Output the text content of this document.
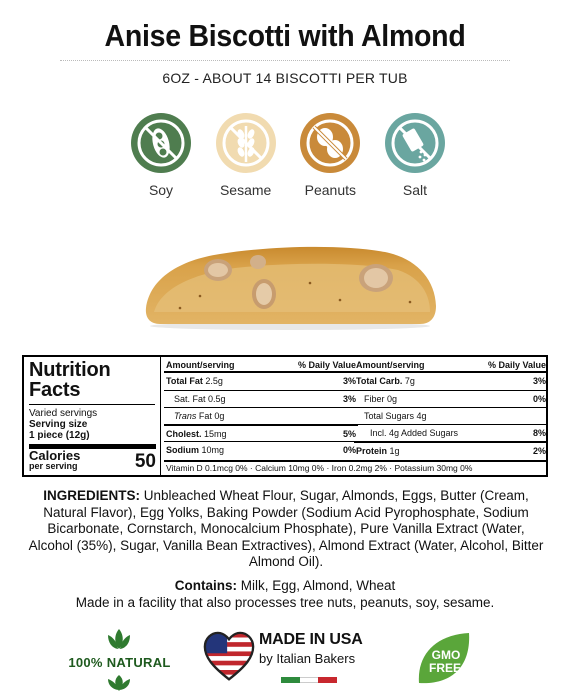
Anise Biscotti with Almond
6OZ - ABOUT 14 BISCOTTI PER TUB
Soy	Sesame Peanuts	Salt
Nutrition
Facts
Varied servings
Serving size
1 piece (12g)
Calories
per serving	50
Amount/serving	% Daily Value
Total Fat 2.5g	3%
Sat. Fat 0.5g	3%
Trans Fat 0g
Cholest. 15mg	5%
Sodium 10mg	0%
Amount/serving	% Daily Value
Total Carb. 7g	3%
Fiber 0g	0%
Total Sugars 4g
Incl. 4g Added Sugars	8%
Protein 1g	2%
Vitamin D 0.1mcg 0% · Calcium 10mg 0% · Iron 0.2mg 2% · Potassium 30mg 0%
INGREDIENTS: Unbleached Wheat Flour, Sugar, Almonds, Eggs, Butter (Cream, Natural Flavor), Egg Yolks, Baking Powder (Sodium Acid Pyrophosphate, Sodium Bicarbonate, Cornstarch, Monocalcium Phosphate), Pure Vanilla Extract (Water, Alcohol (35%), Sugar, Vanilla Bean Extractives), Almond Extract (Water, Alcohol, Bitter Almond Oil).
Contains: Milk, Egg, Almond, Wheat
Made in a facility that also processes tree nuts, peanuts, soy, sesame.
100% NATURAL
MADE IN USA
by Italian Bakers	GMO
FREE
